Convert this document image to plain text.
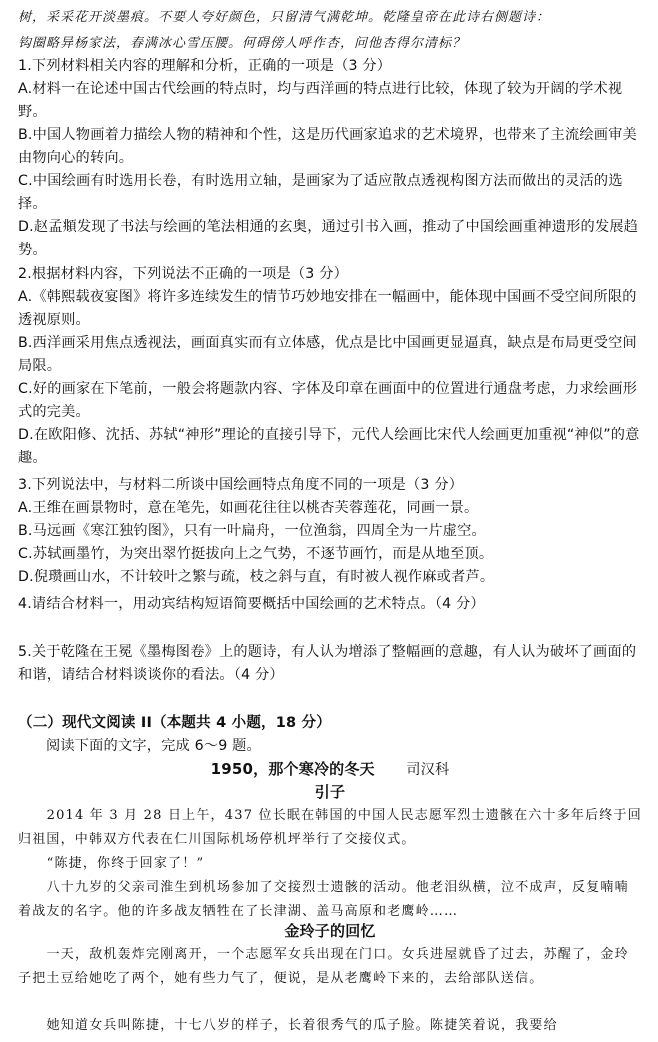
树，采采花开淡墨痕。不要人夸好颜色，只留清气满乾坤。乾隆皇帝在此诗右侧题诗：
钩圈略异杨家法，春满冰心雪压腰。何碍傍人呼作杏，问他杏得尔清标？
1.下列材料相关内容的理解和分析，正确的一项是（3 分）
A.材料一在论述中国古代绘画的特点时，均与西洋画的特点进行比较，体现了较为开阔的学术视野。
B.中国人物画着力描绘人物的精神和个性，这是历代画家追求的艺术境界，也带来了主流绘画审美由物向心的转向。
C.中国绘画有时选用长卷，有时选用立轴，是画家为了适应散点透视构图方法而做出的灵活的选择。
D.赵孟頫发现了书法与绘画的笔法相通的玄奥，通过引书入画，推动了中国绘画重神遗形的发展趋势。
2.根据材料内容，下列说法不正确的一项是（3 分）
A.《韩熙载夜宴图》将许多连续发生的情节巧妙地安排在一幅画中，能体现中国画不受空间所限的透视原则。
B.西洋画采用焦点透视法，画面真实而有立体感，优点是比中国画更显逼真，缺点是布局更受空间局限。
C.好的画家在下笔前，一般会将题款内容、字体及印章在画面中的位置进行通盘考虑，力求绘画形式的完美。
D.在欧阳修、沈括、苏轼“神形”理论的直接引导下，元代人绘画比宋代人绘画更加重视“神似”的意趣。
3.下列说法中，与材料二所谈中国绘画特点角度不同的一项是（3 分）
A.王维在画景物时，意在笔先，如画花往往以桃杏芙蓉莲花，同画一景。
B.马远画《寒江独钓图》，只有一叶扁舟，一位渔翁，四周全为一片虚空。
C.苏轼画墨竹，为突出翠竹挺拔向上之气势，不逐节画竹，而是从地至顶。
D.倪瓒画山水，不计较叶之繁与疏，枝之斜与直，有时被人视作麻或者芦。
4.请结合材料一，用动宾结构短语简要概括中国绘画的艺术特点。（4 分）
5.关于乾隆在王冕《墨梅图卷》上的题诗，有人认为增添了整幅画的意趣，有人认为破坏了画面的和谐，请结合材料谈谈你的看法。（4 分）
（二）现代文阅读 II（本题共 4 小题，18 分）
阅读下面的文字，完成 6～9 题。
1950，那个寒冷的冬天 司汉科
引子
2014 年 3 月 28 日上午，437 位长眠在韩国的中国人民志愿军烈士遗骸在六十多年后终于回归祖国，中韩双方代表在仁川国际机场停机坪举行了交接仪式。
“陈捷，你终于回家了！”
八十九岁的父亲司淮生到机场参加了交接烈士遗骸的活动。他老泪纵横，泣不成声，反复喃喃着战友的名字。他的许多战友牺牲在了长津湖、盖马高原和老鹰岭……
金玲子的回忆
一天，敌机轰炸完刚离开，一个志愿军女兵出现在门口。女兵进屋就昏了过去，苏醒了，金玲子把土豆给她吃了两个，她有些力气了，便说，是从老鹰岭下来的，去给部队送信。
她知道女兵叫陈捷，十七八岁的样子，长着很秀气的瓜子脸。陈捷笑着说，我要给
